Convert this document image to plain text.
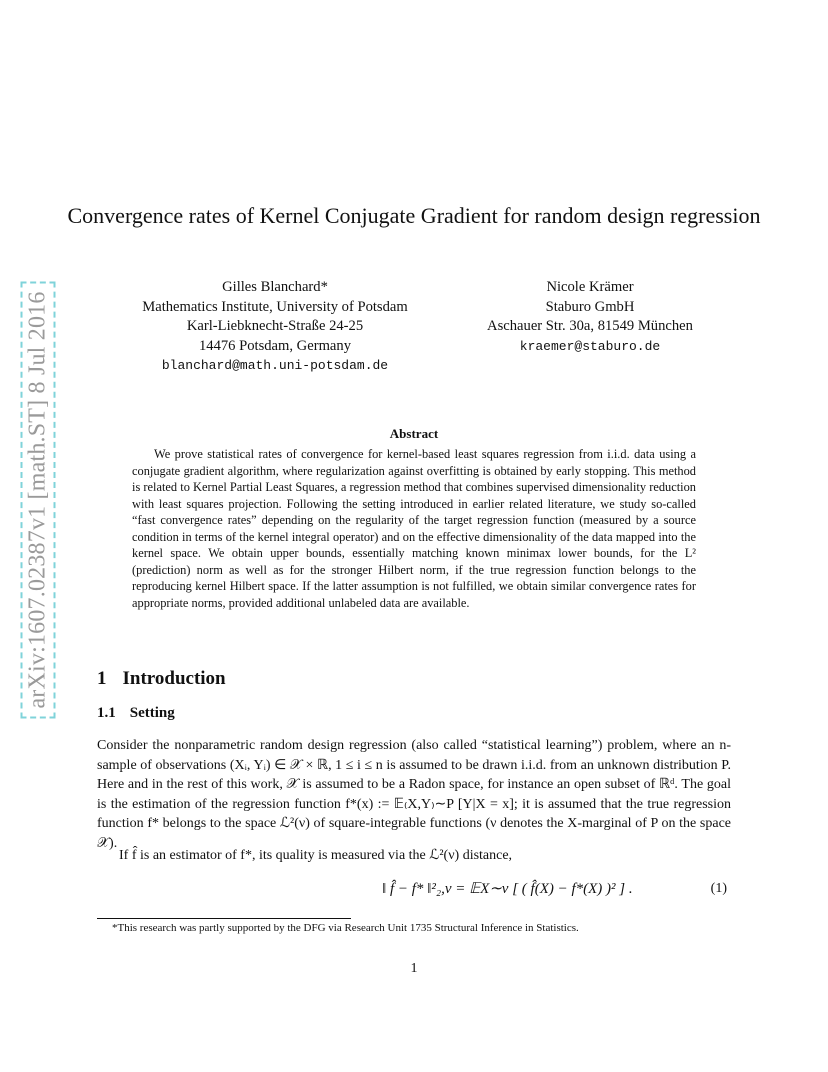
arXiv:1607.02387v1 [math.ST] 8 Jul 2016
Convergence rates of Kernel Conjugate Gradient for random design regression
Gilles Blanchard*
Mathematics Institute, University of Potsdam
Karl-Liebknecht-Straße 24-25
14476 Potsdam, Germany
blanchard@math.uni-potsdam.de
Nicole Krämer
Staburo GmbH
Aschauer Str. 30a, 81549 München
kraemer@staburo.de
Abstract
We prove statistical rates of convergence for kernel-based least squares regression from i.i.d. data using a conjugate gradient algorithm, where regularization against overfitting is obtained by early stopping. This method is related to Kernel Partial Least Squares, a regression method that combines supervised dimensionality reduction with least squares projection. Following the setting introduced in earlier related literature, we study so-called “fast convergence rates” depending on the regularity of the target regression function (measured by a source condition in terms of the kernel integral operator) and on the effective dimensionality of the data mapped into the kernel space. We obtain upper bounds, essentially matching known minimax lower bounds, for the L² (prediction) norm as well as for the stronger Hilbert norm, if the true regression function belongs to the reproducing kernel Hilbert space. If the latter assumption is not fulfilled, we obtain similar convergence rates for appropriate norms, provided additional unlabeled data are available.
1 Introduction
1.1 Setting
Consider the nonparametric random design regression (also called “statistical learning”) problem, where an n-sample of observations (Xᵢ, Yᵢ) ∈ 𝒳 × ℝ, 1 ≤ i ≤ n is assumed to be drawn i.i.d. from an unknown distribution P. Here and in the rest of this work, 𝒳 is assumed to be a Radon space, for instance an open subset of ℝᵈ. The goal is the estimation of the regression function f*(x) := 𝔼₍X,Y₎∼P [Y|X = x]; it is assumed that the true regression function f* belongs to the space ℒ²(ν) of square-integrable functions (ν denotes the X-marginal of P on the space 𝒳).
If f̂ is an estimator of f*, its quality is measured via the ℒ²(ν) distance,
‖ f̂ − f* ‖²₂,ν = 𝔼X∼ν [ ( f̂(X) − f*(X) )² ] .	(1)
*This research was partly supported by the DFG via Research Unit 1735 Structural Inference in Statistics.
1
